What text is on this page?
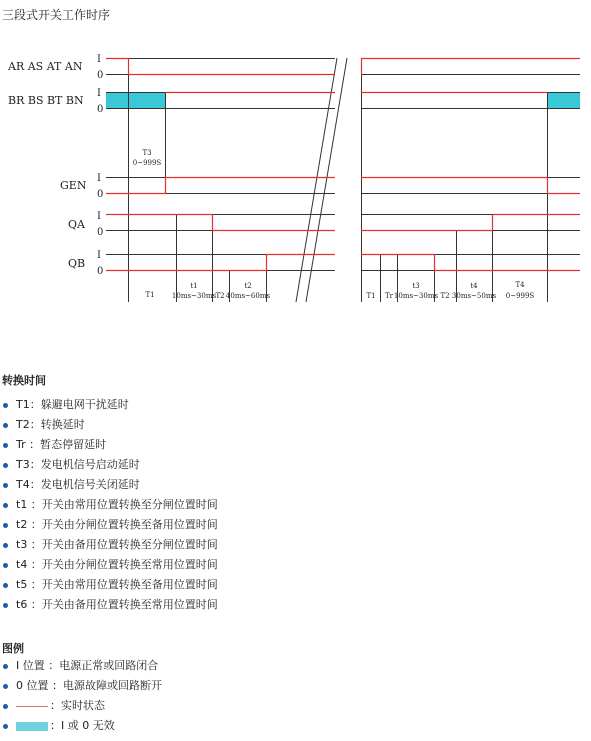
三段式开关工作时序
AR AS AT AN
BR BS BT BN
GEN
QA
QB
I
0
I
0
I
0
I
0
I
0
T3
0~999S
T1
t1
10ms~30ms T2
t2
40ms~60ms	T1 Tr
t3
10ms~30ms T2
t4
30ms~50ms
T4
0~999S
转换时间
T1：躲避电网干扰延时
T2：转换延时
Tr ：暂态停留延时
T3：发电机信号启动延时
T4：发电机信号关闭延时
t1 ：开关由常用位置转换至分闸位置时间
t2 ：开关由分闸位置转换至备用位置时间
t3 ：开关由备用位置转换至分闸位置时间
t4 ：开关由分闸位置转换至常用位置时间
t5 ：开关由常用位置转换至备用位置时间
t6 ：开关由备用位置转换至常用位置时间
图例
I 位置 ：电源正常或回路闭合
0 位置 ：电源故障或回路断开
：实时状态
：I 或 0 无效
